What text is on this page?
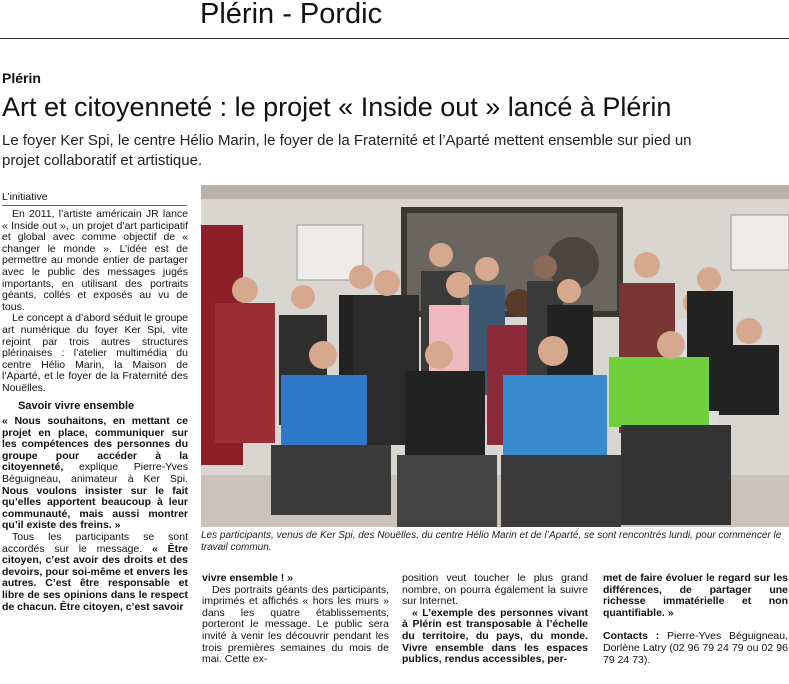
Plérin - Pordic
Plérin
Art et citoyenneté : le projet « Inside out » lancé à Plérin
Le foyer Ker Spi, le centre Hélio Marin, le foyer de la Fraternité et l’Aparté mettent ensemble sur pied un projet collaboratif et artistique.
L’initiative

En 2011, l’artiste américain JR lance « Inside out », un projet d’art participatif et global avec comme objectif de « changer le monde ». L’idée est de permettre au monde entier de partager avec le public des messages jugés importants, en utilisant des portraits géants, collés et exposés au vu de tous.

Le concept a d’abord séduit le groupe art numérique du foyer Ker Spi, vite rejoint par trois autres structures plérinaises : l’atelier multimédia du centre Hélio Marin, la Maison de l’Aparté, et le foyer de la Fraternité des Nouëlles.

Savoir vivre ensemble

« Nous souhaitons, en mettant ce projet en place, communiquer sur les compétences des personnes du groupe pour accéder à la citoyenneté, explique Pierre-Yves Béguigneau, animateur à Ker Spi. Nous voulons insister sur le fait qu’elles apportent beaucoup à leur communauté, mais aussi montrer qu’il existe des freins. »

Tous les participants se sont accordés sur le message. « Être citoyen, c’est avoir des droits et des devoirs, pour soi-même et envers les autres. C’est être responsable et libre de ses opinions dans le respect de chacun. Être citoyen, c’est savoir

Les participants, venus de Ker Spi, des Nouëlles, du centre Hélio Marin et de l’Aparté, se sont rencontrés lundi, pour commencer le travail commun.

vivre ensemble ! »

Des portraits géants des participants, imprimés et affichés « hors les murs » dans les quatre établissements, porteront le message. Le public sera invité à venir les découvrir pendant les trois premières semaines du mois de mai. Cette ex-

position veut toucher le plus grand nombre, on pourra également la suivre sur Internet.

« L’exemple des personnes vivant à Plérin est transposable à l’échelle du territoire, du pays, du monde. Vivre ensemble dans les espaces publics, rendus accessibles, per-

met de faire évoluer le regard sur les différences, de partager une richesse immatérielle et non quantifiable. »

Contacts : Pierre-Yves Béguigneau, Dorlène Latry (02 96 79 24 79 ou 02 96 79 24 73).
